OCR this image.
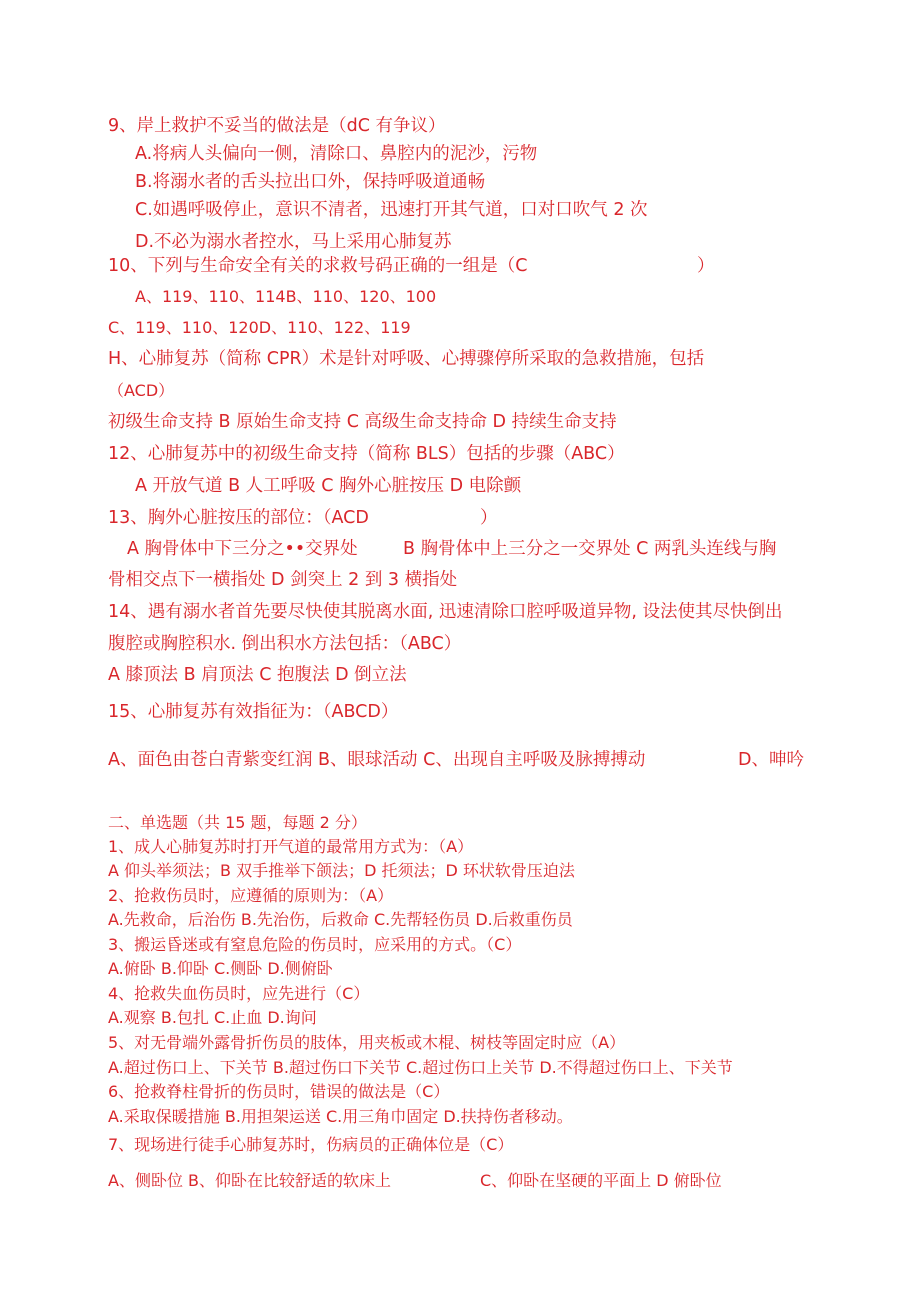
9、岸上救护不妥当的做法是（dC 有争议）
A.将病人头偏向一侧，清除口、鼻腔内的泥沙，污物
B.将溺水者的舌头拉出口外，保持呼吸道通畅
C.如遇呼吸停止，意识不清者，迅速打开其气道，口对口吹气 2 次
D.不必为溺水者控水，马上采用心肺复苏
10、下列与生命安全有关的求救号码正确的一组是（C	）
A、119、110、114B、110、120、100
C、119、110、120D、110、122、119
H、心肺复苏（简称 CPR）术是针对呼吸、心搏骤停所采取的急救措施，包括
（ACD）
初级生命支持 B 原始生命支持 C 高级生命支持命 D 持续生命支持
12、心肺复苏中的初级生命支持（简称 BLS）包括的步骤（ABC）
A 开放气道 B 人工呼吸 C 胸外心脏按压 D 电除颤
13、胸外心脏按压的部位：（ACD	）
A 胸骨体中下三分之••交界处	B 胸骨体中上三分之一交界处 C 两乳头连线与胸
骨相交点下一横指处 D 剑突上 2 到 3 横指处
14、遇有溺水者首先要尽快使其脱离水面, 迅速清除口腔呼吸道异物, 设法使其尽快倒出
腹腔或胸腔积水. 倒出积水方法包括：（ABC）
A 膝顶法 B 肩顶法 C 抱腹法 D 倒立法
15、心肺复苏有效指征为：（ABCD）
A、面色由苍白青紫变红润 B、眼球活动 C、出现自主呼吸及脉搏搏动	D、呻吟
二、单选题（共 15 题，每题 2 分）
1、成人心肺复苏时打开气道的最常用方式为：（A）
A 仰头举须法；B 双手推举下颌法；D 托须法；D 环状软骨压迫法
2、抢救伤员时，应遵循的原则为：（A）
A.先救命，后治伤 B.先治伤，后救命 C.先帮轻伤员 D.后救重伤员
3、搬运昏迷或有窒息危险的伤员时，应采用的方式。（C）
A.俯卧 B.仰卧 C.侧卧 D.侧俯卧
4、抢救失血伤员时，应先进行（C）
A.观察 B.包扎 C.止血 D.询问
5、对无骨端外露骨折伤员的肢体，用夹板或木棍、树枝等固定时应（A）
A.超过伤口上、下关节 B.超过伤口下关节 C.超过伤口上关节 D.不得超过伤口上、下关节
6、抢救脊柱骨折的伤员时，错误的做法是（C）
A.采取保暖措施 B.用担架运送 C.用三角巾固定 D.扶持伤者移动。
7、现场进行徒手心肺复苏时，伤病员的正确体位是（C）
A、侧卧位 B、仰卧在比较舒适的软床上	C、仰卧在坚硬的平面上 D 俯卧位
